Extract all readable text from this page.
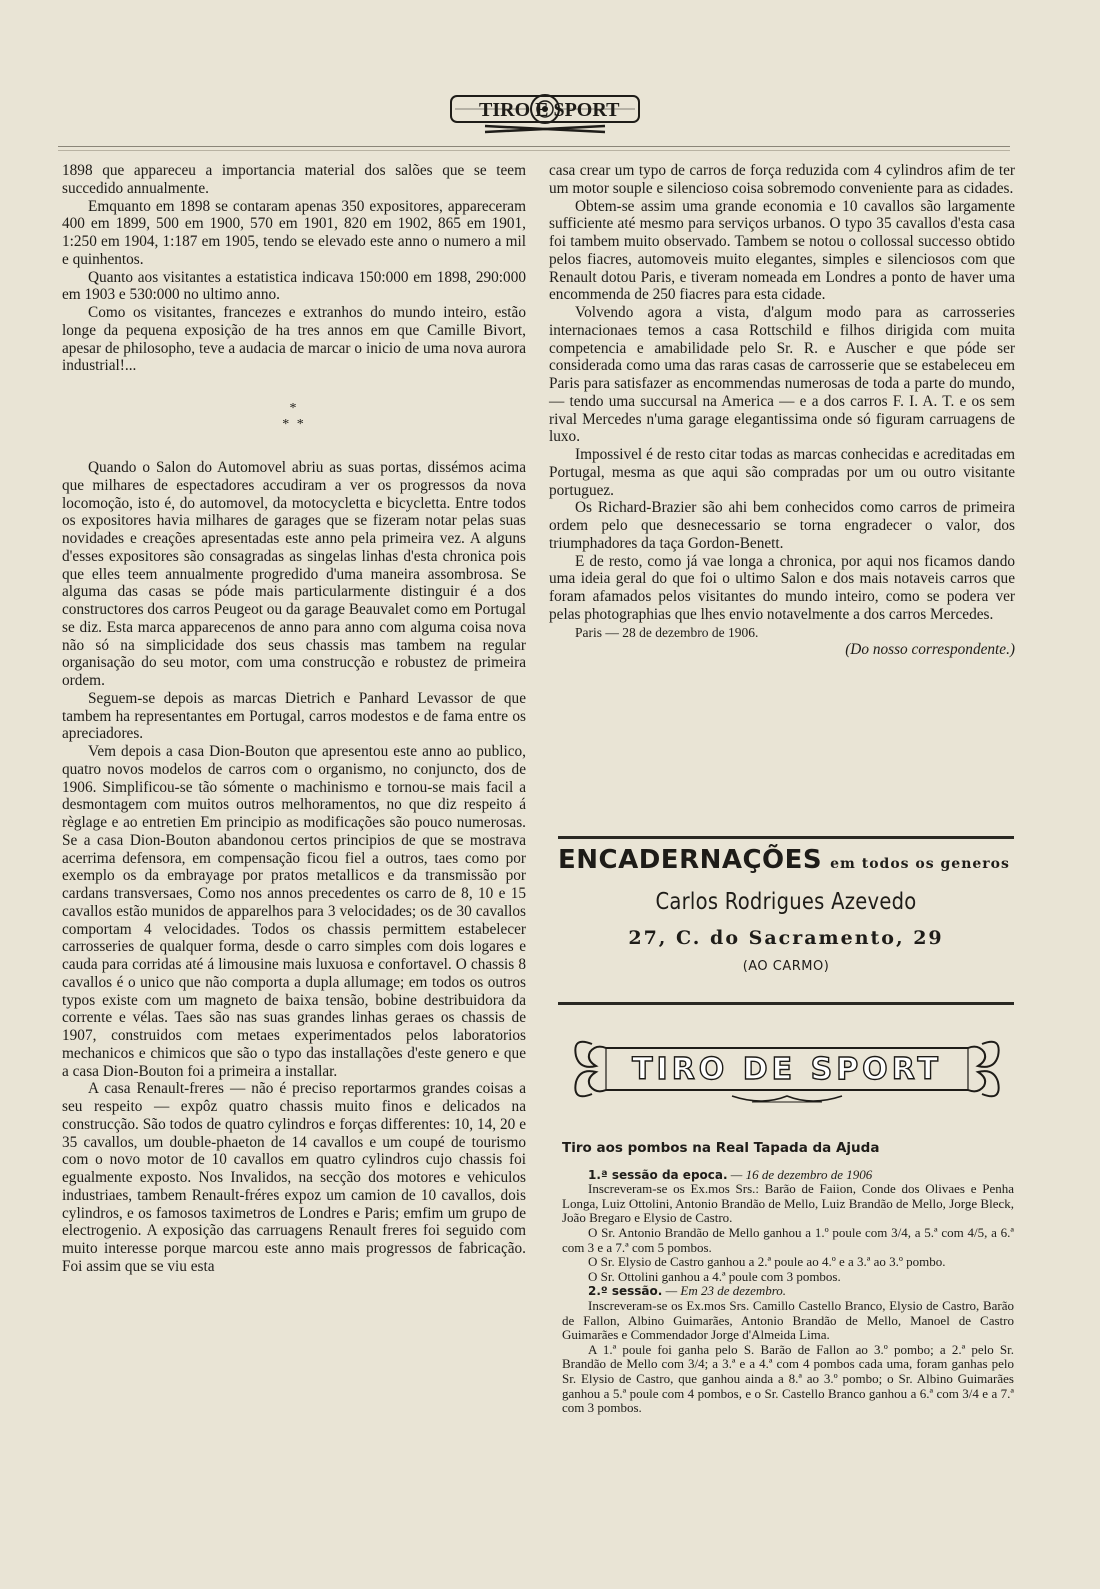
TIRO E SPORT

1898 que appareceu a importancia material dos salões que se teem succedido annualmente.

Emquanto em 1898 se contaram apenas 350 expositores, appareceram 400 em 1899, 500 em 1900, 570 em 1901, 820 em 1902, 865 em 1901, 1:250 em 1904, 1:187 em 1905, tendo se elevado este anno o numero a mil e quinhentos.

Quanto aos visitantes a estatistica indicava 150:000 em 1898, 290:000 em 1903 e 530:000 no ultimo anno.

Como os visitantes, francezes e extranhos do mundo inteiro, estão longe da pequena exposição de ha tres annos em que Camille Bivort, apesar de philosopho, teve a audacia de marcar o inicio de uma nova aurora industrial!...

*
* *

Quando o Salon do Automovel abriu as suas portas, dissémos acima que milhares de espectadores accudiram a ver os progressos da nova locomoção, isto é, do automovel, da motocycletta e bicycletta. Entre todos os expositores havia milhares de garages que se fizeram notar pelas suas novidades e creações apresentadas este anno pela primeira vez. A alguns d'esses expositores são consagradas as singelas linhas d'esta chronica pois que elles teem annualmente progredido d'uma maneira assombrosa. Se alguma das casas se póde mais particularmente distinguir é a dos constructores dos carros Peugeot ou da garage Beauvalet como em Portugal se diz. Esta marca apparecenos de anno para anno com alguma coisa nova não só na simplicidade dos seus chassis mas tambem na regular organisação do seu motor, com uma construcção e robustez de primeira ordem.

Seguem-se depois as marcas Dietrich e Panhard Levassor de que tambem ha representantes em Portugal, carros modestos e de fama entre os apreciadores.

Vem depois a casa Dion-Bouton que apresentou este anno ao publico, quatro novos modelos de carros com o organismo, no conjuncto, dos de 1906. Simplificou-se tão sómente o machinismo e tornou-se mais facil a desmontagem com muitos outros melhoramentos, no que diz respeito á règlage e ao entretien Em principio as modificações são pouco numerosas. Se a casa Dion-Bouton abandonou certos principios de que se mostrava acerrima defensora, em compensação ficou fiel a outros, taes como por exemplo os da embrayage por pratos metallicos e da transmissão por cardans transversaes, Como nos annos precedentes os carro de 8, 10 e 15 cavallos estão munidos de apparelhos para 3 velocidades; os de 30 cavallos comportam 4 velocidades. Todos os chassis permittem estabelecer carrosseries de qualquer forma, desde o carro simples com dois logares e cauda para corridas até á limousine mais luxuosa e confortavel. O chassis 8 cavallos é o unico que não comporta a dupla allumage; em todos os outros typos existe com um magneto de baixa tensão, bobine destribuidora da corrente e vélas. Taes são nas suas grandes linhas geraes os chassis de 1907, construidos com metaes experimentados pelos laboratorios mechanicos e chimicos que são o typo das installações d'este genero e que a casa Dion-Bouton foi a primeira a installar.

A casa Renault-freres — não é preciso reportarmos grandes coisas a seu respeito — expôz quatro chassis muito finos e delicados na construcção. São todos de quatro cylindros e forças differentes: 10, 14, 20 e 35 cavallos, um double-phaeton de 14 cavallos e um coupé de tourismo com o novo motor de 10 cavallos em quatro cylindros cujo chassis foi egualmente exposto. Nos Invalidos, na secção dos motores e vehiculos industriaes, tambem Renault-fréres expoz um camion de 10 cavallos, dois cylindros, e os famosos taximetros de Londres e Paris; emfim um grupo de electrogenio. A exposição das carruagens Renault freres foi seguido com muito interesse porque marcou este anno mais progressos de fabricação. Foi assim que se viu esta

casa crear um typo de carros de força reduzida com 4 cylindros afim de ter um motor souple e silencioso coisa sobremodo conveniente para as cidades.

Obtem-se assim uma grande economia e 10 cavallos são largamente sufficiente até mesmo para serviços urbanos. O typo 35 cavallos d'esta casa foi tambem muito observado. Tambem se notou o collossal successo obtido pelos fiacres, automoveis muito elegantes, simples e silenciosos com que Renault dotou Paris, e tiveram nomeada em Londres a ponto de haver uma encommenda de 250 fiacres para esta cidade.

Volvendo agora a vista, d'algum modo para as carrosseries internacionaes temos a casa Rottschild e filhos dirigida com muita competencia e amabilidade pelo Sr. R. e Auscher e que póde ser considerada como uma das raras casas de carrosserie que se estabeleceu em Paris para satisfazer as encommendas numerosas de toda a parte do mundo, — tendo uma succursal na America — e a dos carros F. I. A. T. e os sem rival Mercedes n'uma garage elegantissima onde só figuram carruagens de luxo.

Impossivel é de resto citar todas as marcas conhecidas e acreditadas em Portugal, mesma as que aqui são compradas por um ou outro visitante portuguez.

Os Richard-Brazier são ahi bem conhecidos como carros de primeira ordem pelo que desnecessario se torna engradecer o valor, dos triumphadores da taça Gordon-Benett.

E de resto, como já vae longa a chronica, por aqui nos ficamos dando uma ideia geral do que foi o ultimo Salon e dos mais notaveis carros que foram afamados pelos visitantes do mundo inteiro, como se podera ver pelas photographias que lhes envio notavelmente a dos carros Mercedes.

Paris — 28 de dezembro de 1906.

(Do nosso correspondente.)

ENCADERNAÇÕES em todos os generos
Carlos Rodrigues Azevedo
27, C. do Sacramento, 29
(AO CARMO)
TIRO DE SPORT
Tiro aos pombos na Real Tapada da Ajuda

1.ª sessão da epoca. — 16 de dezembro de 1906

Inscreveram-se os Ex.mos Srs.: Barão de Faiion, Conde dos Olivaes e Penha Longa, Luiz Ottolini, Antonio Brandão de Mello, Luiz Brandão de Mello, Jorge Bleck, João Bregaro e Elysio de Castro.

O Sr. Antonio Brandão de Mello ganhou a 1.º poule com 3/4, a 5.ª com 4/5, a 6.ª com 3 e a 7.ª com 5 pombos.

O Sr. Elysio de Castro ganhou a 2.ª poule ao 4.º e a 3.ª ao 3.º pombo.

O Sr. Ottolini ganhou a 4.ª poule com 3 pombos.

2.º sessão. — Em 23 de dezembro.

Inscreveram-se os Ex.mos Srs. Camillo Castello Branco, Elysio de Castro, Barão de Fallon, Albino Guimarães, Antonio Brandão de Mello, Manoel de Castro Guimarães e Commendador Jorge d'Almeida Lima.

A 1.ª poule foi ganha pelo S. Barão de Fallon ao 3.º pombo; a 2.ª pelo Sr. Brandão de Mello com 3/4; a 3.ª e a 4.ª com 4 pombos cada uma, foram ganhas pelo Sr. Elysio de Castro, que ganhou ainda a 8.ª ao 3.º pombo; o Sr. Albino Guimarães ganhou a 5.ª poule com 4 pombos, e o Sr. Castello Branco ganhou a 6.ª com 3/4 e a 7.ª com 3 pombos.
